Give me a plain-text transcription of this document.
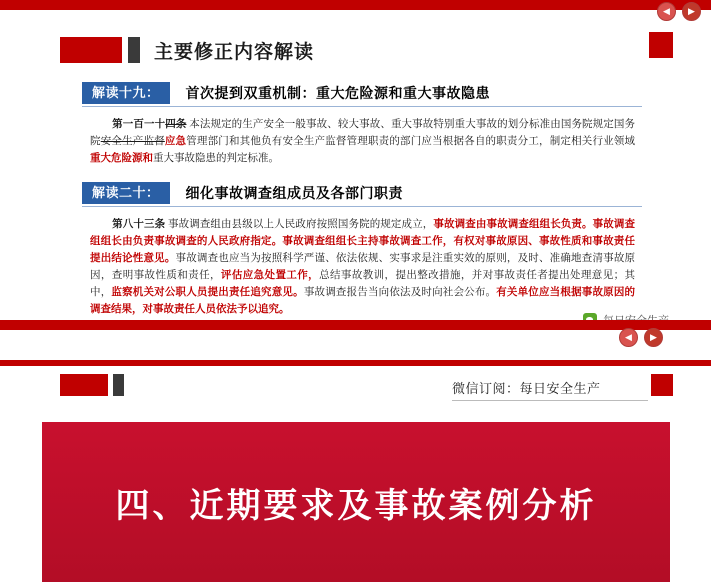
主要修正内容解读
解读十九：	首次提到双重机制：重大危险源和重大事故隐患
第一百一十四条 本法规定的生产安全一般事故、较大事故、重大事故特别重大事故的划分标准由国务院规定国务院安全生产监督应急管理部门和其他负有安全生产监督管理职责的部门应当根据各自的职责分工，制定相关行业领域重大危险源和重大事故隐患的判定标准。
解读二十：	细化事故调查组成员及各部门职责
第八十三条 事故调查组由县级以上人民政府按照国务院的规定成立，事故调查由事故调查组组长负责。事故调查组组长由负责事故调查的人民政府指定。事故调查组组长主持事故调查工作，有权对事故原因、事故性质和事故责任提出结论性意见。事故调查也应当为按照科学严谨、依法依规、实事求是注重实效的原则，及时、准确地查清事故原因，查明事故性质和责任，评估应急处置工作，总结事故教训，提出整改措施，并对事故责任者提出处理意见；其中，监察机关对公职人员提出责任追究意见。事故调查报告当向依法及时向社会公布。有关单位应当根据事故原因的调查结果，对事故责任人员依法予以追究。
微信订阅：每日安全生产
四、近期要求及事故案例分析
◀	▶
◀	▶
